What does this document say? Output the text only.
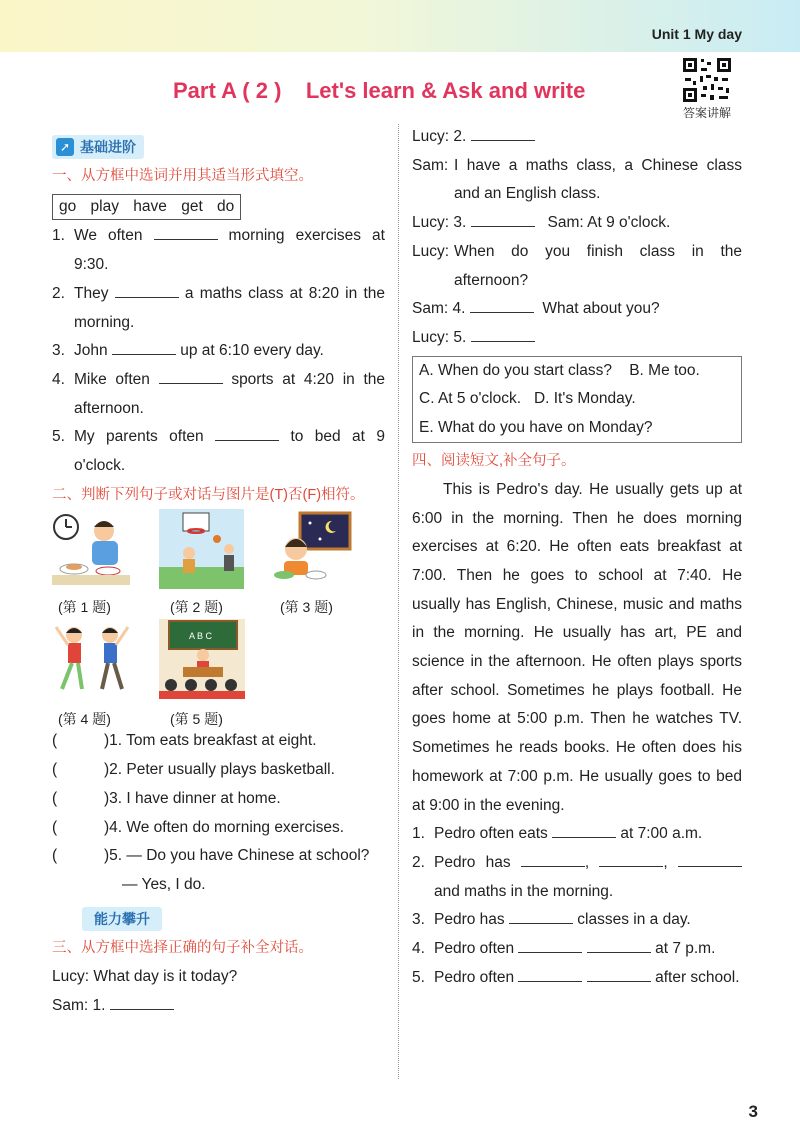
Unit 1 My day
答案讲解
Part A ( 2 )    Let's learn & Ask and write
➚ 基础进阶
一、从方框中选词并用其适当形式填空。
go play have get do
1. We often	morning exercises at 9:30.
2. They	a maths class at 8:20 in the morning.
3. John	up at 6:10 every day.
4. Mike often	sports at 4:20 in the afternoon.
5. My parents often	to bed at 9 o'clock.
二、判断下列句子或对话与图片是(T)否(F)相符。
A B C
(第 1 题)	(第 2 题)	(第 3 题)
(第 4 题)	(第 5 题)
(	)1. Tom eats breakfast at eight.
(	)2. Peter usually plays basketball.
(	)3. I have dinner at home.
(	)4. We often do morning exercises.
(	)5. — Do you have Chinese at school?
— Yes, I do.
能力攀升
三、从方框中选择正确的句子补全对话。
Lucy: What day is it today?
Sam: 1.
Lucy: 2.
Sam: I have a maths class, a Chinese class and an English class.
Lucy: 3.	Sam: At 9 o'clock.
Lucy: When do you finish class in the afternoon?
Sam: 4.	What about you?
Lucy: 5.
A. When do you start class?    B. Me too.
C. At 5 o'clock.   D. It's Monday.
E. What do you have on Monday?
四、阅读短文,补全句子。
This is Pedro's day. He usually gets up at 6:00 in the morning. Then he does morning exercises at 6:20. He often eats breakfast at 7:00. Then he goes to school at 7:40. He usually has English, Chinese, music and maths in the morning. He usually has art, PE and science in the afternoon. He often plays sports after school. Sometimes he plays football. He goes home at 5:00 p.m. Then he watches TV. Sometimes he reads books. He often does his homework at 7:00 p.m. He usually goes to bed at 9:00 in the evening.
1. Pedro often eats	at 7:00 a.m.
2. Pedro has	,	,  and maths in the morning.
3. Pedro has	classes in a day.
4. Pedro often	at 7 p.m.
5. Pedro often	after school.
3
